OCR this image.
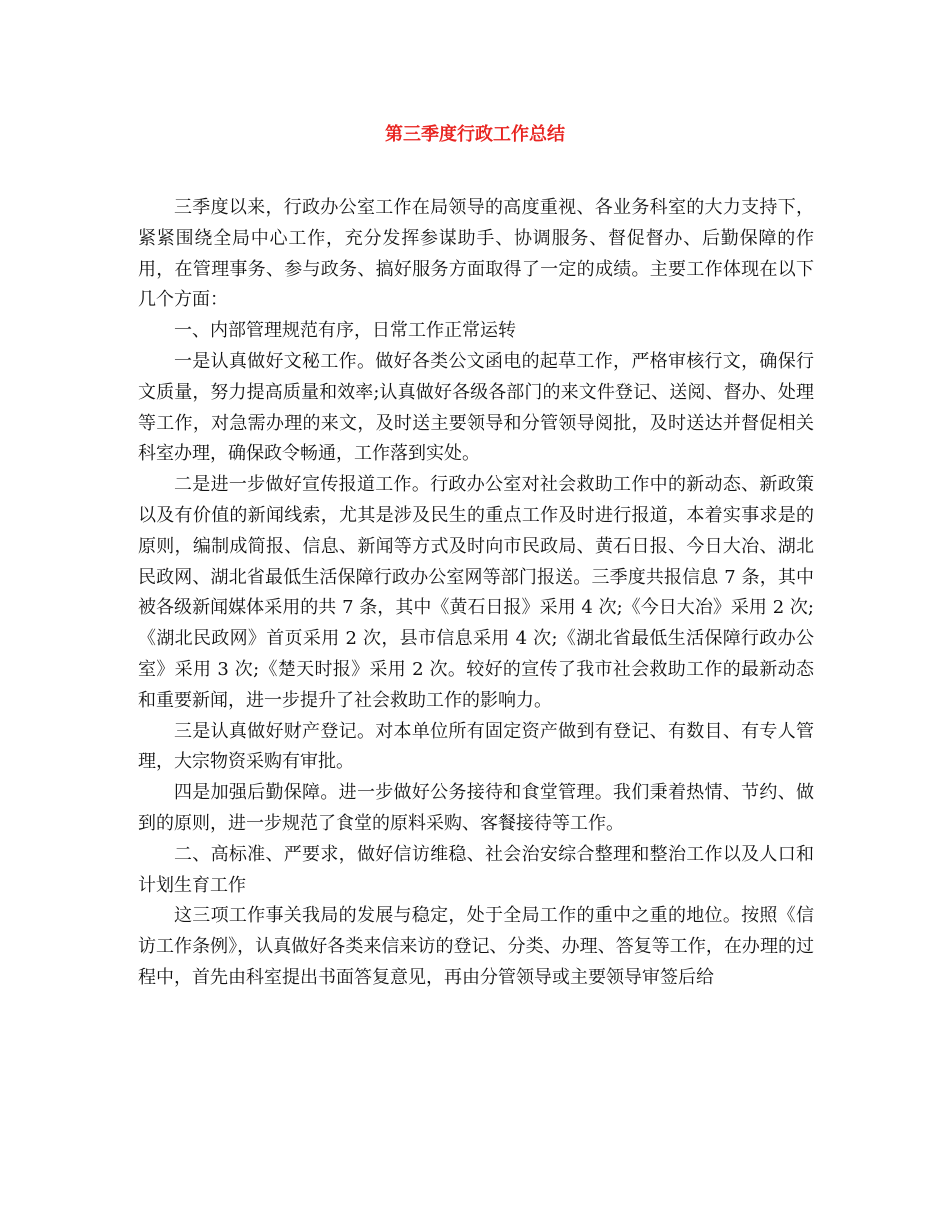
第三季度行政工作总结

三季度以来，行政办公室工作在局领导的高度重视、各业务科室的大力支持下，紧紧围绕全局中心工作，充分发挥参谋助手、协调服务、督促督办、后勤保障的作用，在管理事务、参与政务、搞好服务方面取得了一定的成绩。主要工作体现在以下几个方面：

一、内部管理规范有序，日常工作正常运转

一是认真做好文秘工作。做好各类公文函电的起草工作，严格审核行文，确保行文质量，努力提高质量和效率;认真做好各级各部门的来文件登记、送阅、督办、处理等工作，对急需办理的来文，及时送主要领导和分管领导阅批，及时送达并督促相关科室办理，确保政令畅通，工作落到实处。

二是进一步做好宣传报道工作。行政办公室对社会救助工作中的新动态、新政策以及有价值的新闻线索，尤其是涉及民生的重点工作及时进行报道，本着实事求是的原则，编制成简报、信息、新闻等方式及时向市民政局、黄石日报、今日大冶、湖北民政网、湖北省最低生活保障行政办公室网等部门报送。三季度共报信息 7 条，其中被各级新闻媒体采用的共 7 条，其中《黄石日报》采用 4 次;《今日大冶》采用 2 次;《湖北民政网》首页采用 2 次，县市信息采用 4 次;《湖北省最低生活保障行政办公室》采用 3 次;《楚天时报》采用 2 次。较好的宣传了我市社会救助工作的最新动态和重要新闻，进一步提升了社会救助工作的影响力。

三是认真做好财产登记。对本单位所有固定资产做到有登记、有数目、有专人管理，大宗物资采购有审批。

四是加强后勤保障。进一步做好公务接待和食堂管理。我们秉着热情、节约、做到的原则，进一步规范了食堂的原料采购、客餐接待等工作。

二、高标准、严要求，做好信访维稳、社会治安综合整理和整治工作以及人口和计划生育工作

这三项工作事关我局的发展与稳定，处于全局工作的重中之重的地位。按照《信访工作条例》，认真做好各类来信来访的登记、分类、办理、答复等工作，在办理的过程中，首先由科室提出书面答复意见，再由分管领导或主要领导审签后给
